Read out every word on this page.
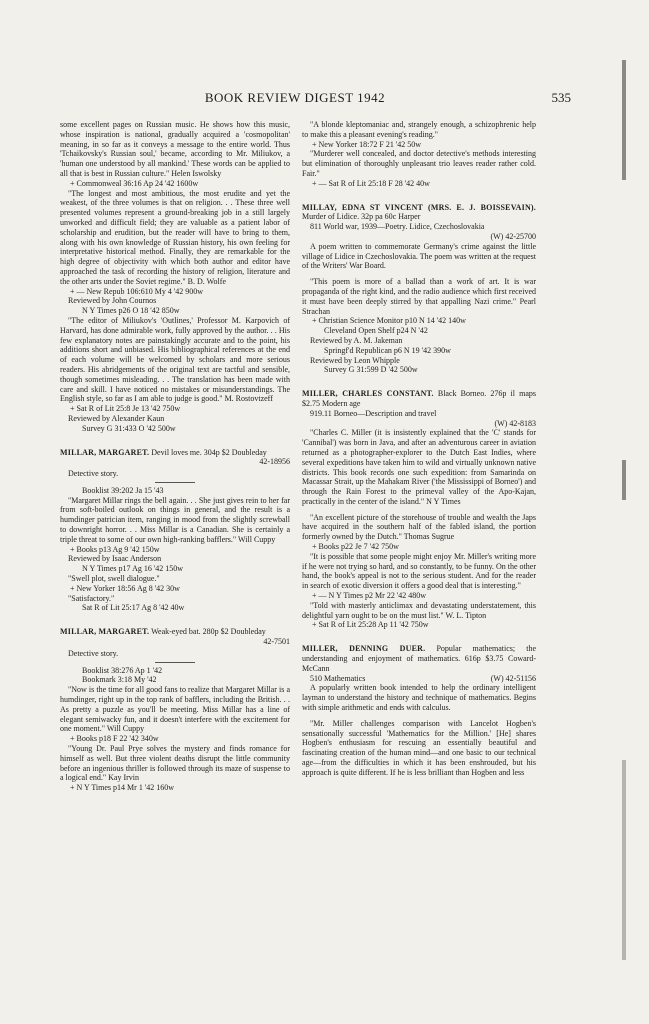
BOOK REVIEW DIGEST 1942	535

some excellent pages on Russian music. He shows how this music, whose inspiration is national, gradually acquired a 'cosmopolitan' meaning, in so far as it conveys a message to the entire world. Thus 'Tchaikovsky's Russian soul,' became, according to Mr. Miliukov, a 'human one understood by all mankind.' These words can be applied to all that is best in Russian culture." Helen Iswolsky

+ Commonweal 36:16 Ap 24 '42 1600w

"The longest and most ambitious, the most erudite and yet the weakest, of the three volumes is that on religion. . . These three well presented volumes represent a ground-breaking job in a still largely unworked and difficult field; they are valuable as a patient labor of scholarship and erudition, but the reader will have to bring to them, along with his own knowledge of Russian history, his own feeling for interpretative historical method. Finally, they are remarkable for the high degree of objectivity with which both author and editor have approached the task of recording the history of religion, literature and the other arts under the Soviet regime." B. D. Wolfe

+ — New Repub 106:610 My 4 '42 900w

Reviewed by John Cournos

N Y Times p26 O 18 '42 850w

"The editor of Miliukov's 'Outlines,' Professor M. Karpovich of Harvard, has done admirable work, fully approved by the author. . . His few explanatory notes are painstakingly accurate and to the point, his additions short and unbiased. His bibliographical references at the end of each volume will be welcomed by scholars and more serious readers. His abridgements of the original text are tactful and sensible, though sometimes misleading. . . The translation has been made with care and skill. I have noticed no mistakes or misunderstandings. The English style, so far as I am able to judge is good." M. Rostovtzeff

+ Sat R of Lit 25:8 Je 13 '42 750w

Reviewed by Alexander Kaun

Survey G 31:433 O '42 500w

MILLAR, MARGARET. Devil loves me. 304p $2 Doubleday

42-18956

Detective story.

Booklist 39:202 Ja 15 '43

"Margaret Millar rings the bell again. . . She just gives rein to her far from soft-boiled outlook on things in general, and the result is a humdinger patrician item, ranging in mood from the slightly screwball to downright horror. . . Miss Millar is a Canadian. She is certainly a triple threat to some of our own high-ranking bafflers." Will Cuppy

+ Books p13 Ag 9 '42 150w

Reviewed by Isaac Anderson

N Y Times p17 Ag 16 '42 150w

"Swell plot, swell dialogue."

+ New Yorker 18:56 Ag 8 '42 30w

"Satisfactory."

Sat R of Lit 25:17 Ag 8 '42 40w

MILLAR, MARGARET. Weak-eyed bat. 280p $2 Doubleday

42-7501

Detective story.

Booklist 38:276 Ap 1 '42

Bookmark 3:18 My '42

"Now is the time for all good fans to realize that Margaret Millar is a humdinger, right up in the top rank of bafflers, including the British. . . As pretty a puzzle as you'll be meeting. Miss Millar has a line of elegant semiwacky fun, and it doesn't interfere with the excitement for one moment." Will Cuppy

+ Books p18 F 22 '42 340w

"Young Dr. Paul Prye solves the mystery and finds romance for himself as well. But three violent deaths disrupt the little community before an ingenious thriller is followed through its maze of suspense to a logical end." Kay Irvin

+ N Y Times p14 Mr 1 '42 160w

"A blonde kleptomaniac and, strangely enough, a schizophrenic help to make this a pleasant evening's reading."

+ New Yorker 18:72 F 21 '42 50w

"Murderer well concealed, and doctor detective's methods interesting but elimination of thoroughly unpleasant trio leaves reader rather cold. Fair."

+ — Sat R of Lit 25:18 F 28 '42 40w

MILLAY, EDNA ST VINCENT (MRS. E. J. BOISSEVAIN). Murder of Lidice. 32p pa 60c Harper

811 World war, 1939—Poetry. Lidice, Czechoslovakia

(W) 42-25700

A poem written to commemorate Germany's crime against the little village of Lidice in Czechoslovakia. The poem was written at the request of the Writers' War Board.

"This poem is more of a ballad than a work of art. It is war propaganda of the right kind, and the radio audience which first received it must have been deeply stirred by that appalling Nazi crime." Pearl Strachan

+ Christian Science Monitor p10 N 14 '42 140w

Cleveland Open Shelf p24 N '42

Reviewed by A. M. Jakeman

Springf'd Republican p6 N 19 '42 390w

Reviewed by Leon Whipple

Survey G 31:599 D '42 500w

MILLER, CHARLES CONSTANT. Black Borneo. 276p il maps $2.75 Modern age

919.11 Borneo—Description and travel

(W) 42-8183

"Charles C. Miller (it is insistently explained that the 'C' stands for 'Cannibal') was born in Java, and after an adventurous career in aviation returned as a photographer-explorer to the Dutch East Indies, where several expeditions have taken him to wild and virtually unknown native districts. This book records one such expedition: from Samarinda on Macassar Strait, up the Mahakam River ('the Mississippi of Borneo') and through the Rain Forest to the primeval valley of the Apo-Kajan, practically in the center of the island." N Y Times

"An excellent picture of the storehouse of trouble and wealth the Japs have acquired in the southern half of the fabled island, the portion formerly owned by the Dutch." Thomas Sugrue

+ Books p22 Je 7 '42 750w

"It is possible that some people might enjoy Mr. Miller's writing more if he were not trying so hard, and so constantly, to be funny. On the other hand, the book's appeal is not to the serious student. And for the reader in search of exotic diversion it offers a good deal that is interesting."

+ — N Y Times p2 Mr 22 '42 480w

"Told with masterly anticlimax and devastating understatement, this delightful yarn ought to be on the must list." W. L. Tipton

+ Sat R of Lit 25:28 Ap 11 '42 750w

MILLER, DENNING DUER. Popular mathematics; the understanding and enjoyment of mathematics. 616p $3.75 Coward-McCann

510 Mathematics	(W) 42-51156

A popularly written book intended to help the ordinary intelligent layman to understand the history and technique of mathematics. Begins with simple arithmetic and ends with calculus.

"Mr. Miller challenges comparison with Lancelot Hogben's sensationally successful 'Mathematics for the Million.' [He] shares Hogben's enthusiasm for rescuing an essentially beautiful and fascinating creation of the human mind—and one basic to our technical age—from the difficulties in which it has been enshrouded, but his approach is quite different. If he is less brilliant than Hogben and less
